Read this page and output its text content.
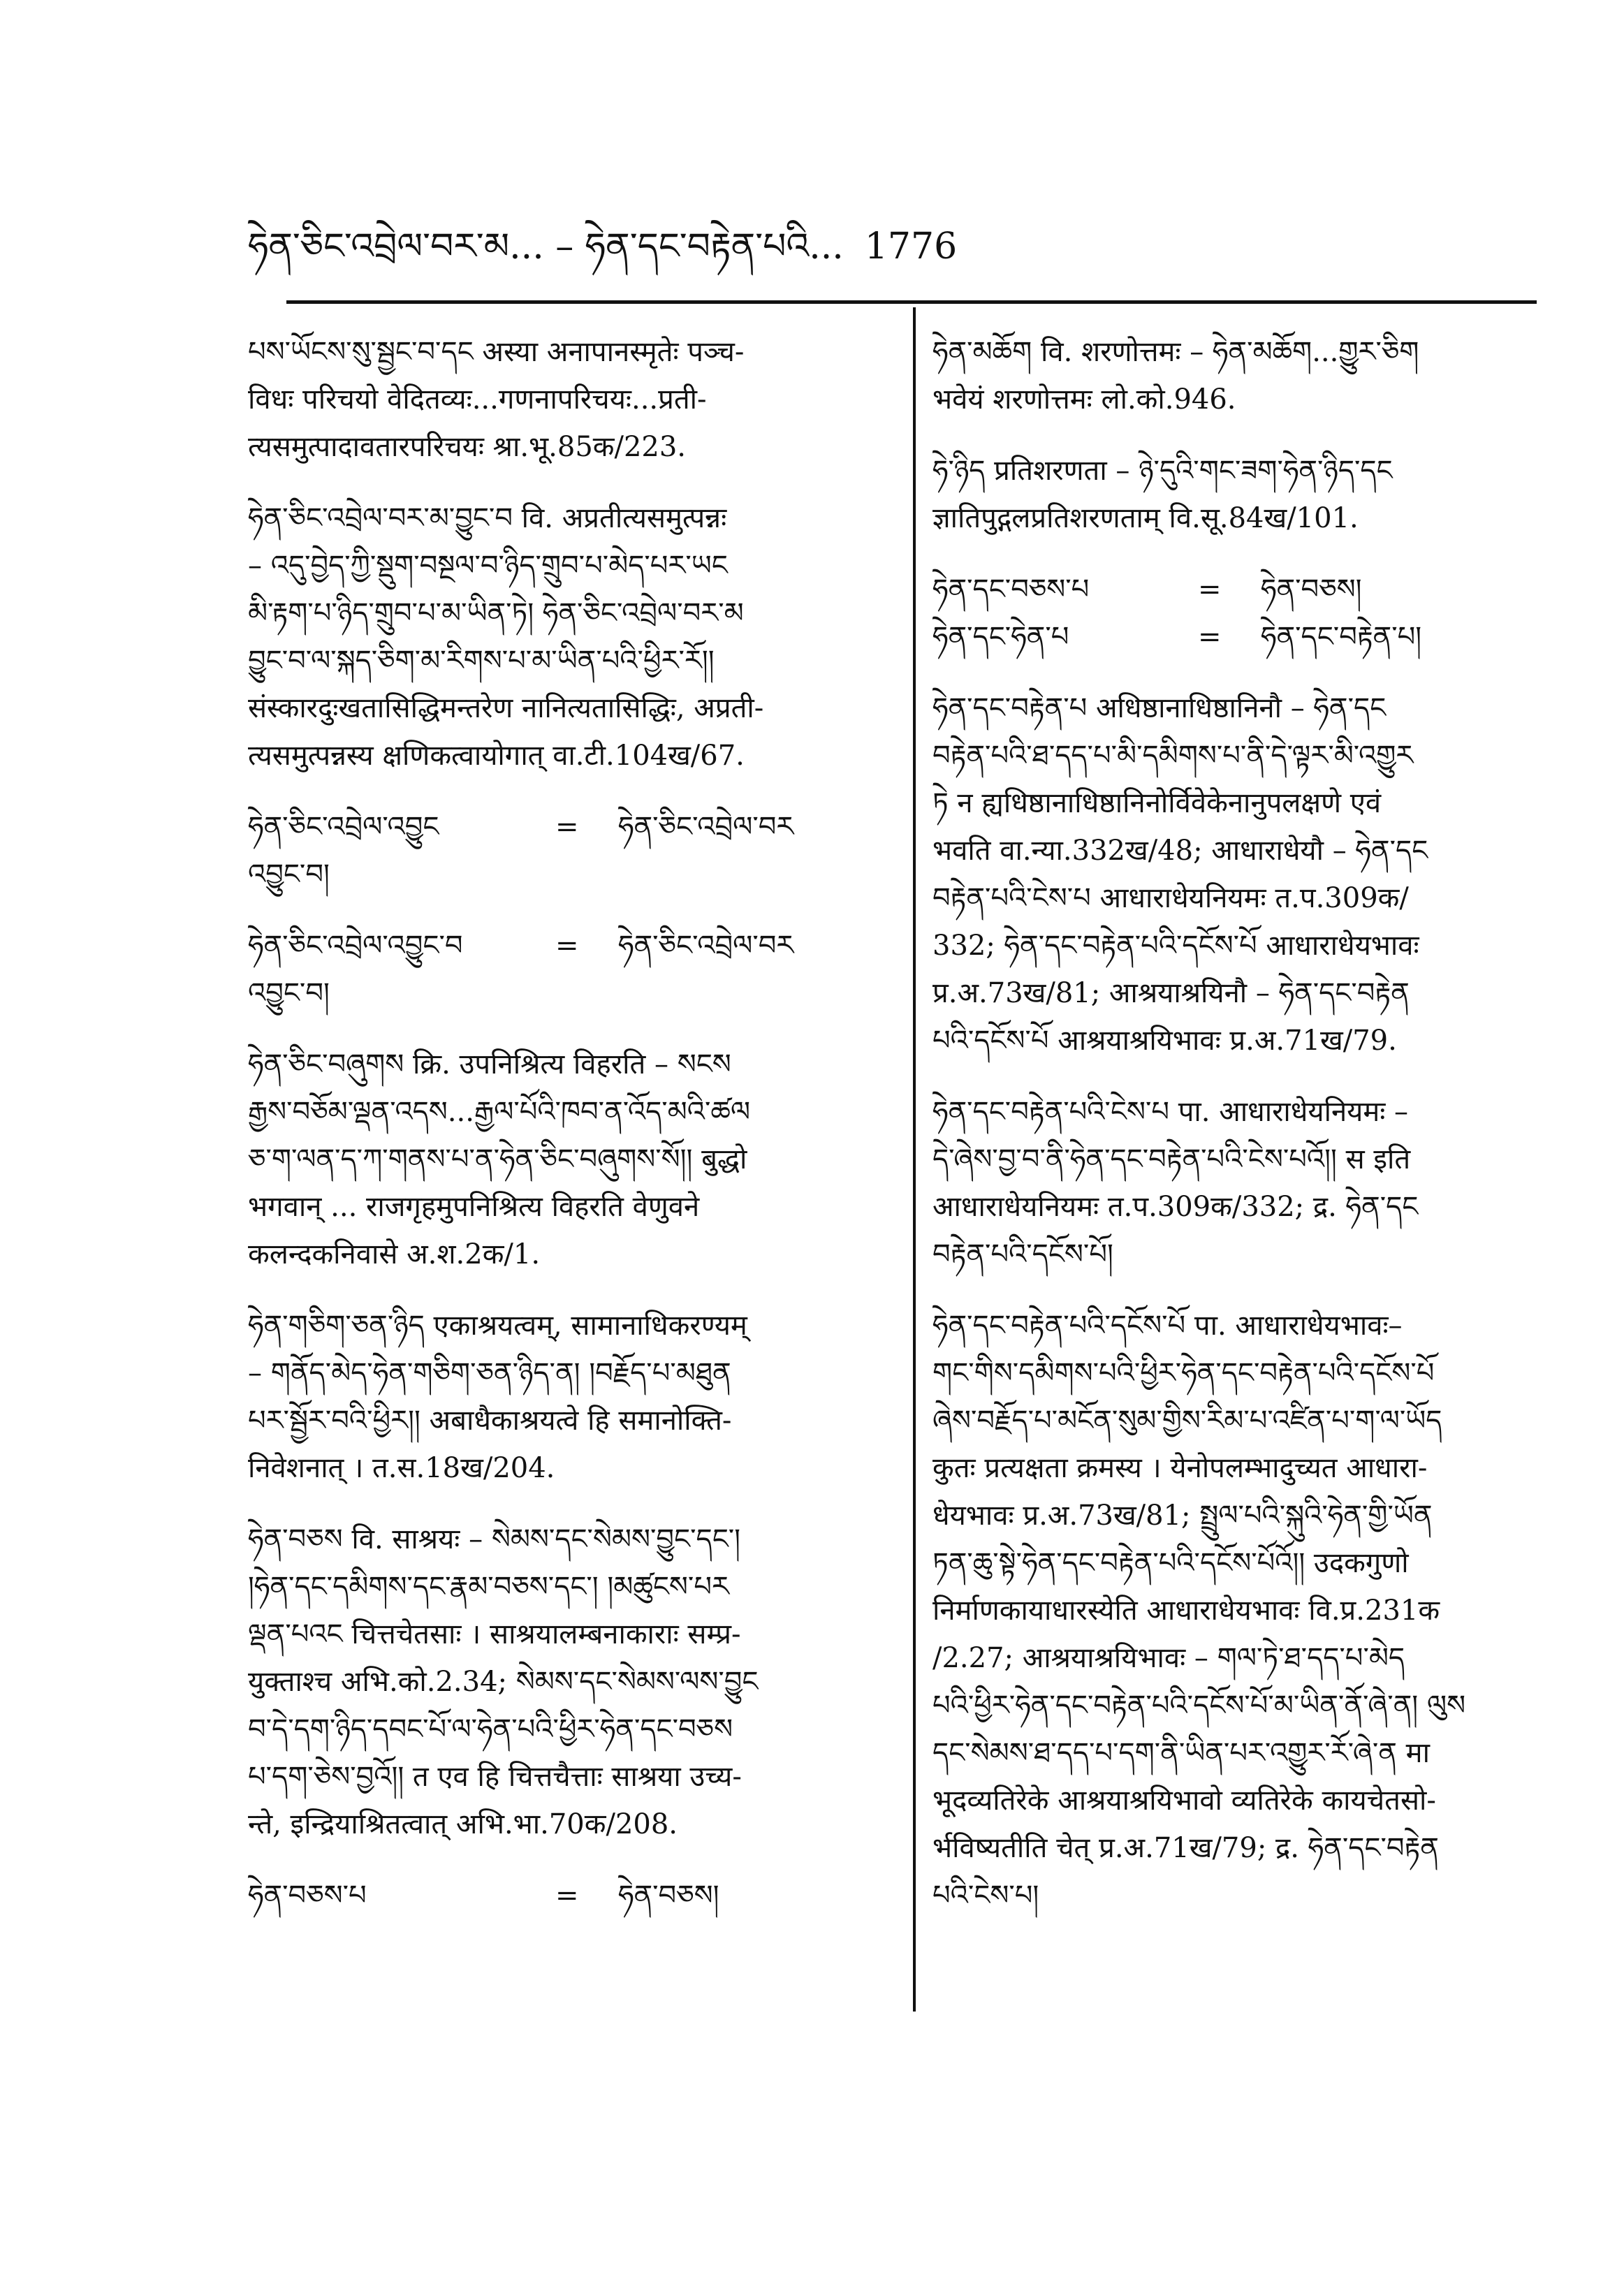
ཧེན་ཅིང་འབྲེལ་བར་མ... – ཧེན་དང་བརྟེན་པའི... 1776

པས་ཡོངས་སུ་སྦྱང་བ་དང अस्या अनापानस्मृतेः पञ्च-

विधः परिचयो वेदितव्यः...गणनापरिचयः...प्रती-

त्यसमुत्पादावतारपरिचयः श्रा.भू.85क/223.

ཧེན་ཅིང་འབྲེལ་བར་མ་བྱུང་བ वि. अप्रतीत्यसमुत्पन्नः

– འདུ་བྱེད་ཀྱི་སྡུག་བསྔལ་བ་ཉིད་གྲུབ་པ་མེད་པར་ཡང

མི་རྟག་པ་ཉིད་གྲུབ་པ་མ་ཡིན་ཏེ། ཧེན་ཅིང་འབྲེལ་བར་མ

བྱུང་བ་ལ་སྐད་ཅིག་མ་རིགས་པ་མ་ཡིན་པའི་ཕྱིར་རོ།།

संस्कारदुःखतासिद्धिमन्तरेण नानित्यतासिद्धिः, अप्रती-

त्यसमुत्पन्नस्य क्षणिकत्वायोगात् वा.टी.104ख/67.

ཧེན་ཅིང་འབྲེལ་འབྱུང	=	ཧེན་ཅིང་འབྲེལ་བར

འབྱུང་བ།

ཧེན་ཅིང་འབྲེལ་འབྱུང་བ	=	ཧེན་ཅིང་འབྲེལ་བར

འབྱུང་བ།

ཧེན་ཅིང་བཞུགས क्रि. उपनिश्रित्य विहरति – སངས

རྒྱས་བཅོམ་ལྡན་འདས...རྒྱལ་པོའི་ཁབ་ན་འོད་མའི་ཚལ

ཅ་ག་ལན་ད་ཀ་གནས་པ་ན་ཧེན་ཅིང་བཞུགས་སོ།། बुद्धो

भगवान् ... राजगृहमुपनिश्रित्य विहरति वेणुवने

कलन्दकनिवासे अ.श.2क/1.

ཧེན་གཅིག་ཅན་ཉིད एकाश्रयत्वम्, सामानाधिकरण्यम्

– གནོད་མེད་ཧེན་གཅིག་ཅན་ཉིད་ན། །བརྗོད་པ་མཐུན

པར་སྦྱོར་བའི་ཕྱིར།། अबाधैकाश्रयत्वे हि समानोक्ति-

निवेशनात् । त.स.18ख/204.

ཧེན་བཅས वि. साश्रयः – སེམས་དང་སེམས་བྱུང་དང་།

།ཧེན་དང་དམིགས་དང་རྣམ་བཅས་དང་། །མཚུངས་པར

ལྡན་པའང चित्तचेतसाः । साश्रयालम्बनाकाराः सम्प्र-

युक्ताश्च अभि.को.2.34; སེམས་དང་སེམས་ལས་བྱུང

བ་དེ་དག་ཉིད་དབང་པོ་ལ་ཧེན་པའི་ཕྱིར་ཧེན་དང་བཅས

པ་དག་ཅེས་བྱའོ།། त एव हि चित्तचैत्ताः साश्रया उच्य-

न्ते, इन्द्रियाश्रितत्वात् अभि.भा.70क/208.

ཧེན་བཅས་པ	=	ཧེན་བཅས།

ཧེན་མཆོག वि. शरणोत्तमः – ཧེན་མཆོག...གྱུར་ཅིག

भवेयं शरणोत्तमः लो.को.946.

ཧེ་ཉིད प्रतिशरणता – ཉེ་དུའི་གང་ཟག་ཧེན་ཉིད་དང

ज्ञातिपुद्गलप्रतिशरणताम् वि.सू.84ख/101.

ཧེན་དང་བཅས་པ	=	ཧེན་བཅས།
ཧེན་དང་ཧེན་པ	=	ཧེན་དང་བརྟེན་པ།

ཧེན་དང་བརྟེན་པ अधिष्ठानाधिष्ठानिनौ – ཧེན་དང

བརྟེན་པའི་ཐ་དད་པ་མི་དམིགས་པ་ནི་དེ་ལྟར་མི་འགྱུར

ཏེ न ह्यधिष्ठानाधिष्ठानिनोर्विवेकेनानुपलक्षणे एवं

भवति वा.न्या.332ख/48; आधाराधेयौ – ཧེན་དང

བརྟེན་པའི་ངེས་པ आधाराधेयनियमः त.प.309क/

332; ཧེན་དང་བརྟེན་པའི་དངོས་པོ आधाराधेयभावः

प्र.अ.73ख/81; आश्रयाश्रयिनौ – ཧེན་དང་བརྟེན

པའི་དངོས་པོ आश्रयाश्रयिभावः प्र.अ.71ख/79.

ཧེན་དང་བརྟེན་པའི་ངེས་པ पा. आधाराधेयनियमः –

དེ་ཞེས་བྱ་བ་ནི་ཧེན་དང་བརྟེན་པའི་ངེས་པའོ།། स इति

आधाराधेयनियमः त.प.309क/332; द्र. ཧེན་དང

བརྟེན་པའི་དངོས་པོ།

ཧེན་དང་བརྟེན་པའི་དངོས་པོ पा. आधाराधेयभावः–

གང་གིས་དམིགས་པའི་ཕྱིར་ཧེན་དང་བརྟེན་པའི་དངོས་པོ

ཞེས་བརྗོད་པ་མངོན་སུམ་གྱིས་རིམ་པ་འཛིན་པ་ག་ལ་ཡོད

कुतः प्रत्यक्षता क्रमस्य । येनोपलम्भादुच्यत आधारा-

धेयभावः प्र.अ.73ख/81; སྤྲུལ་པའི་སྐུའི་ཧེན་གྱི་ཡོན

ཏན་ཆུ་སྟེ་ཧེན་དང་བརྟེན་པའི་དངོས་པོའོ།། उदकगुणो

निर्माणकायाधारस्येति आधाराधेयभावः वि.प्र.231क

/2.27; आश्रयाश्रयिभावः – གལ་ཏེ་ཐ་དད་པ་མེད

པའི་ཕྱིར་ཧེན་དང་བརྟེན་པའི་དངོས་པོ་མ་ཡིན་ནོ་ཞེ་ན། ལུས

དང་སེམས་ཐ་དད་པ་དག་ནི་ཡིན་པར་འགྱུར་རོ་ཞེ་ན मा

भूदव्यतिरेके आश्रयाश्रयिभावो व्यतिरेके कायचेतसो-

र्भविष्यतीति चेत् प्र.अ.71ख/79; द्र. ཧེན་དང་བརྟེན

པའི་ངེས་པ།
